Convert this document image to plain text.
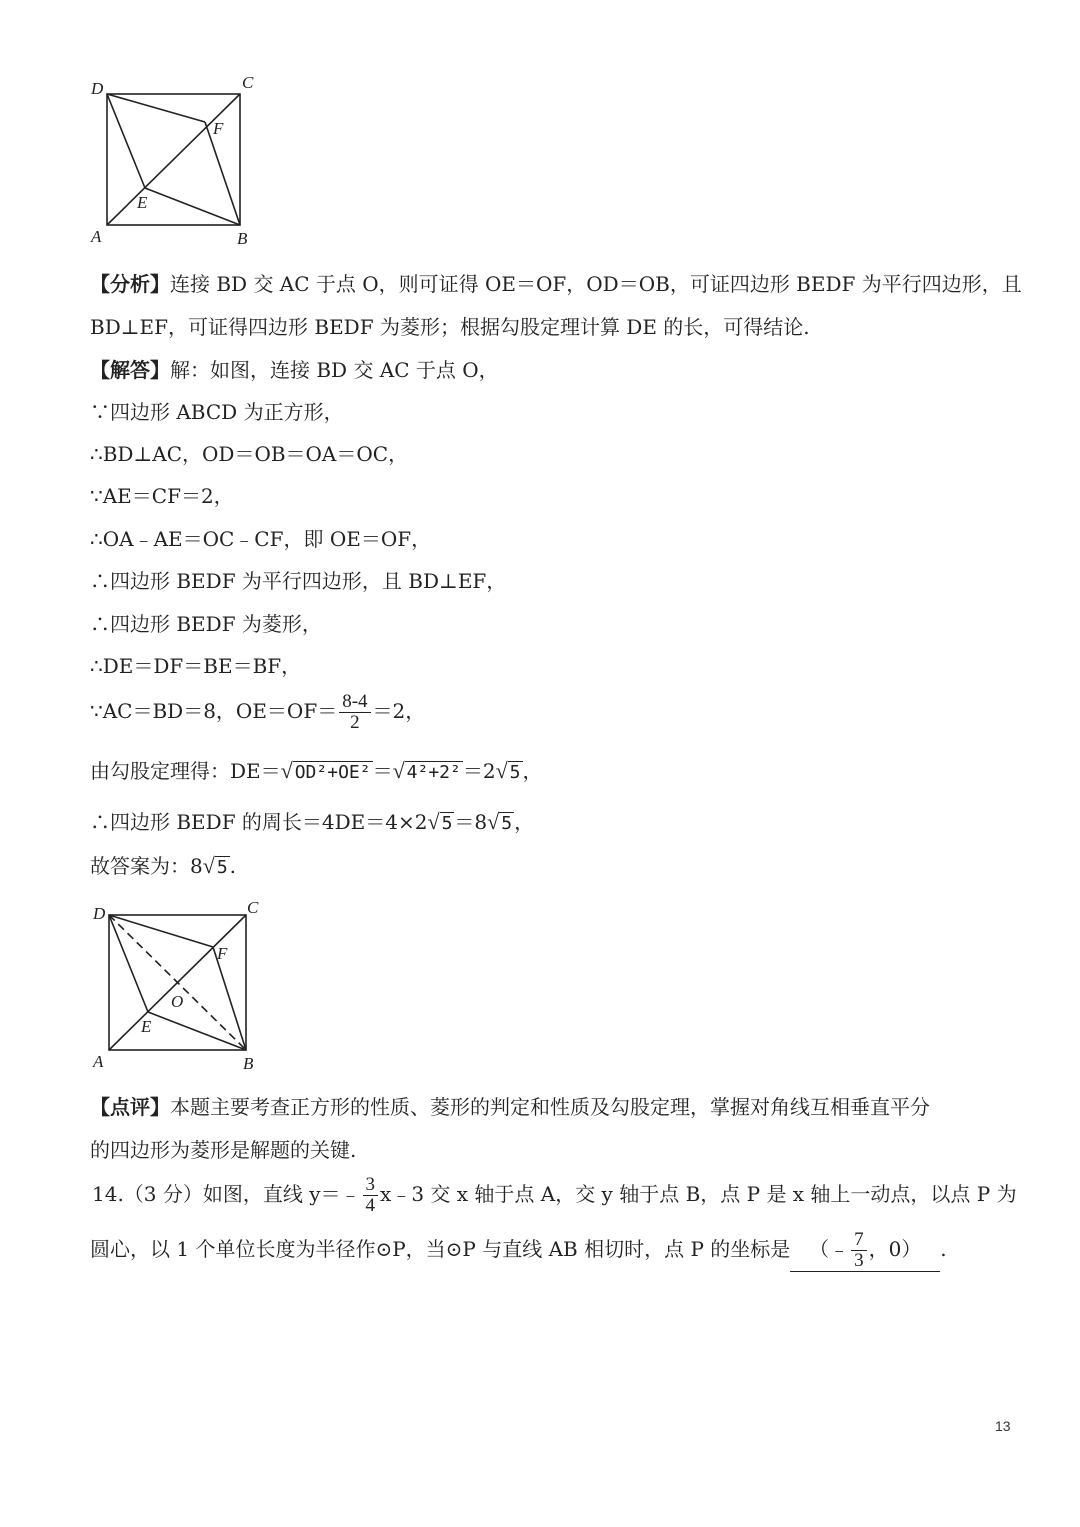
D	C
A	B
E
F
【分析】连接 BD 交 AC 于点 O，则可证得 OE＝OF，OD＝OB，可证四边形 BEDF 为平行四边形，且
BD⊥EF，可证得四边形 BEDF 为菱形；根据勾股定理计算 DE 的长，可得结论.
【解答】解：如图，连接 BD 交 AC 于点 O，
∵四边形 ABCD 为正方形，
∴BD⊥AC，OD＝OB＝OA＝OC，
∵AE＝CF＝2，
∴OA﹣AE＝OC﹣CF，即 OE＝OF，
∴四边形 BEDF 为平行四边形，且 BD⊥EF，
∴四边形 BEDF 为菱形，
∴DE＝DF＝BE＝BF，
∵AC＝BD＝8，$OE=OF= \frac{8-4}{2} =2$，
由勾股定理得：DE＝√ OD²+OE² ＝√ 4²+2² ＝2√ 5 ，
∴四边形 BEDF 的周长＝4DE＝4×2√ 5 ＝8√ 5 ，
故答案为：8√ 5 .
D	C
A	B
E
F
O
【点评】本题主要考查正方形的性质、菱形的判定和性质及勾股定理，掌握对角线互相垂直平分
的四边形为菱形是解题的关键.
14.（3 分）如图，直线 y＝﹣ $\frac{3}{4}$ x﹣3 交 x 轴于点 A，交 y 轴于点 B，点 P 是 x 轴上一动点，以点 P 为
圆心，以 1 个单位长度为半径作⊙P，当⊙P 与直线 AB 相切时，点 P 的坐标是 （﹣ $\frac{7}{3}$ ，0） .
13
